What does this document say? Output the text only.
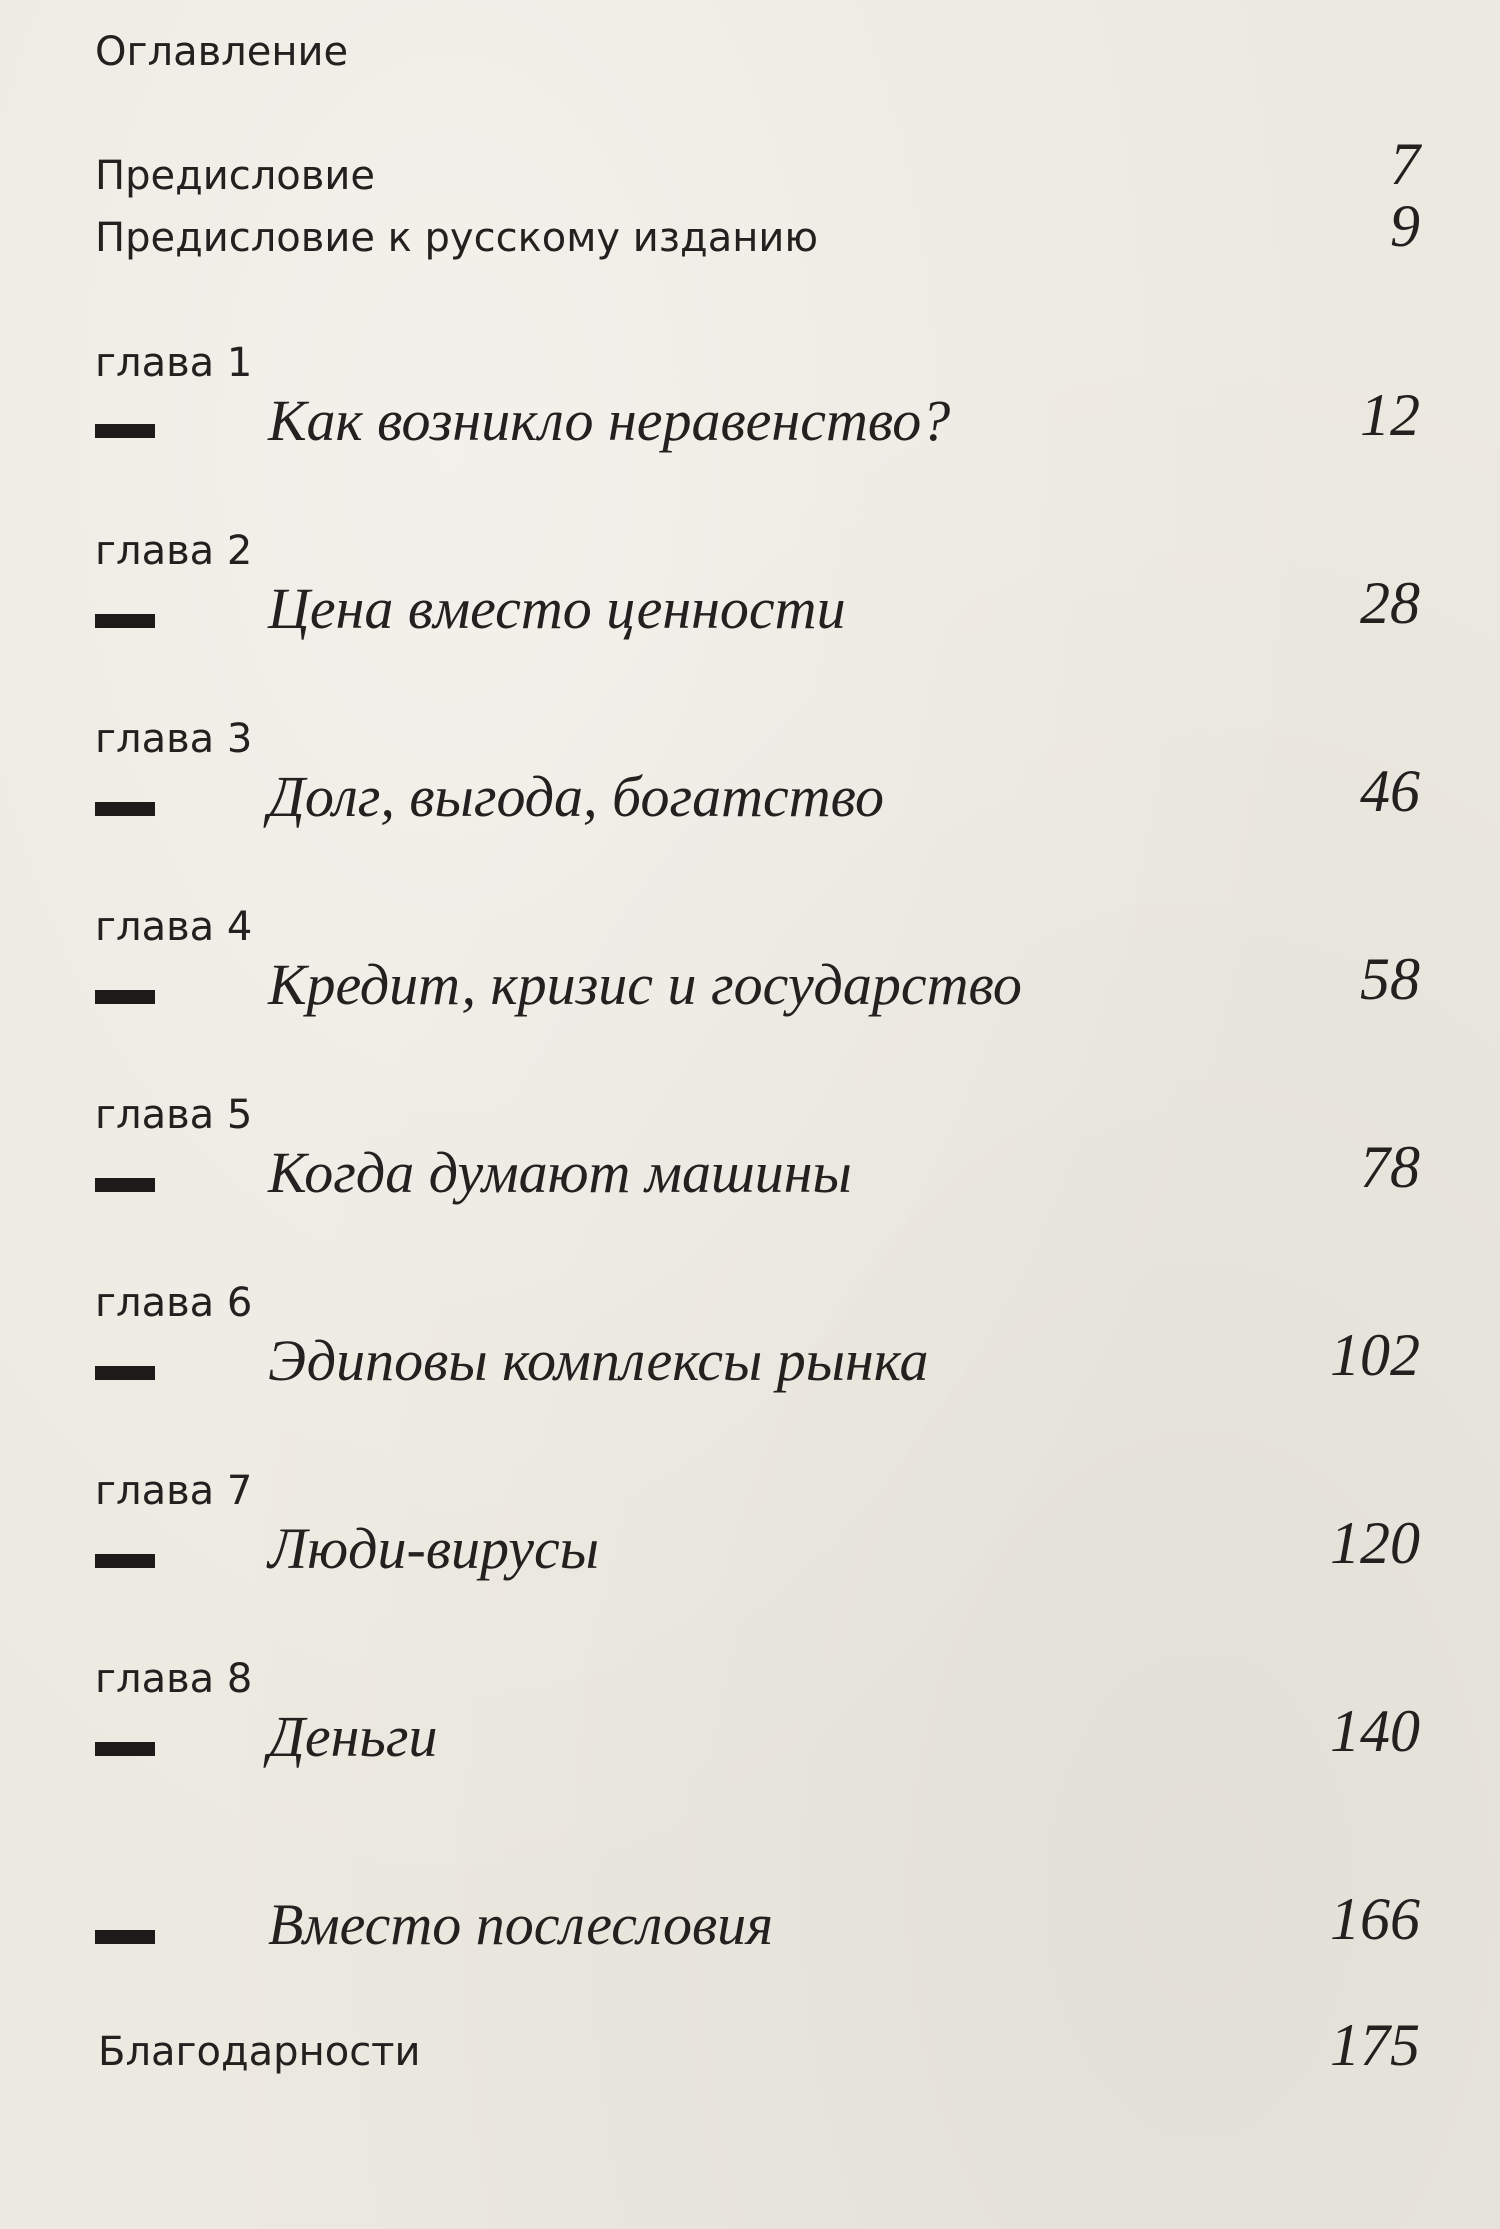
Оглавление
Предисловие	7
Предисловие к русскому изданию	9
глава 1
Как возникло неравенство?	12
глава 2
Цена вместо ценности	28
глава 3
Долг, выгода, богатство	46
глава 4
Кредит, кризис и государство	58
глава 5
Когда думают машины	78
глава 6
Эдиповы комплексы рынка	102
глава 7
Люди-вирусы	120
глава 8
Деньги	140
Вместо послесловия	166
Благодарности	175
